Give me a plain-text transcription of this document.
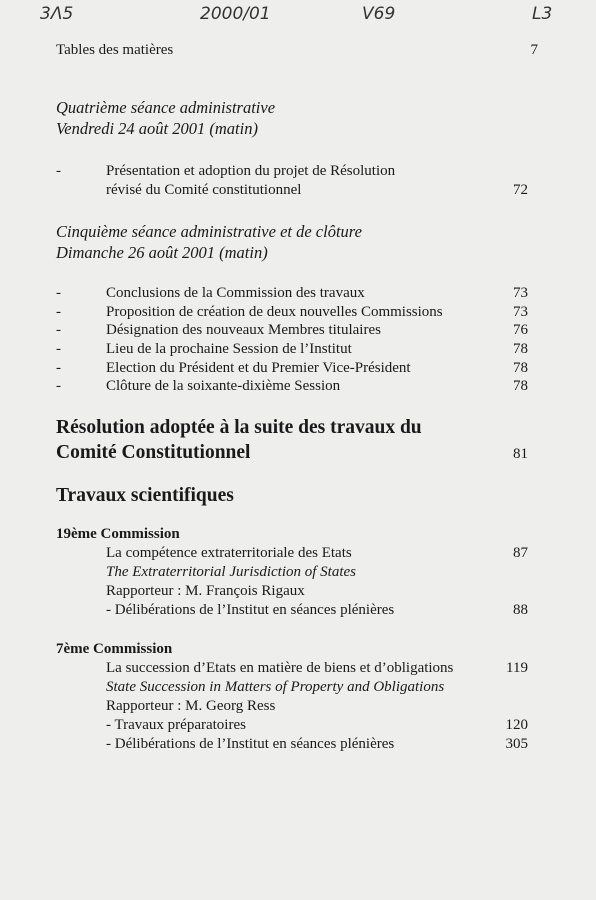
3Λ5	2000/01	V69	L3
Tables des matières	7
Quatrième séance administrative
Vendredi 24 août 2001 (matin)
-	Présentation et adoption du projet de Résolution
révisé du Comité constitutionnel	72
Cinquième séance administrative et de clôture
Dimanche 26 août 2001 (matin)
-	Conclusions de la Commission des travaux	73
-	Proposition de création de deux nouvelles Commissions	73
-	Désignation des nouveaux Membres titulaires	76
-	Lieu de la prochaine Session de l’Institut	78
-	Election du Président et du Premier Vice-Président	78
-	Clôture de la soixante-dixième Session	78
Résolution adoptée à la suite des travaux du
Comité Constitutionnel	81
Travaux scientifiques
19ème Commission
La compétence extraterritoriale des Etats	87
The Extraterritorial Jurisdiction of States
Rapporteur : M. François Rigaux
- Délibérations de l’Institut en séances plénières	88
7ème Commission
La succession d’Etats en matière de biens et d’obligations	119
State Succession in Matters of Property and Obligations
Rapporteur : M. Georg Ress
- Travaux préparatoires	120
- Délibérations de l’Institut en séances plénières	305
